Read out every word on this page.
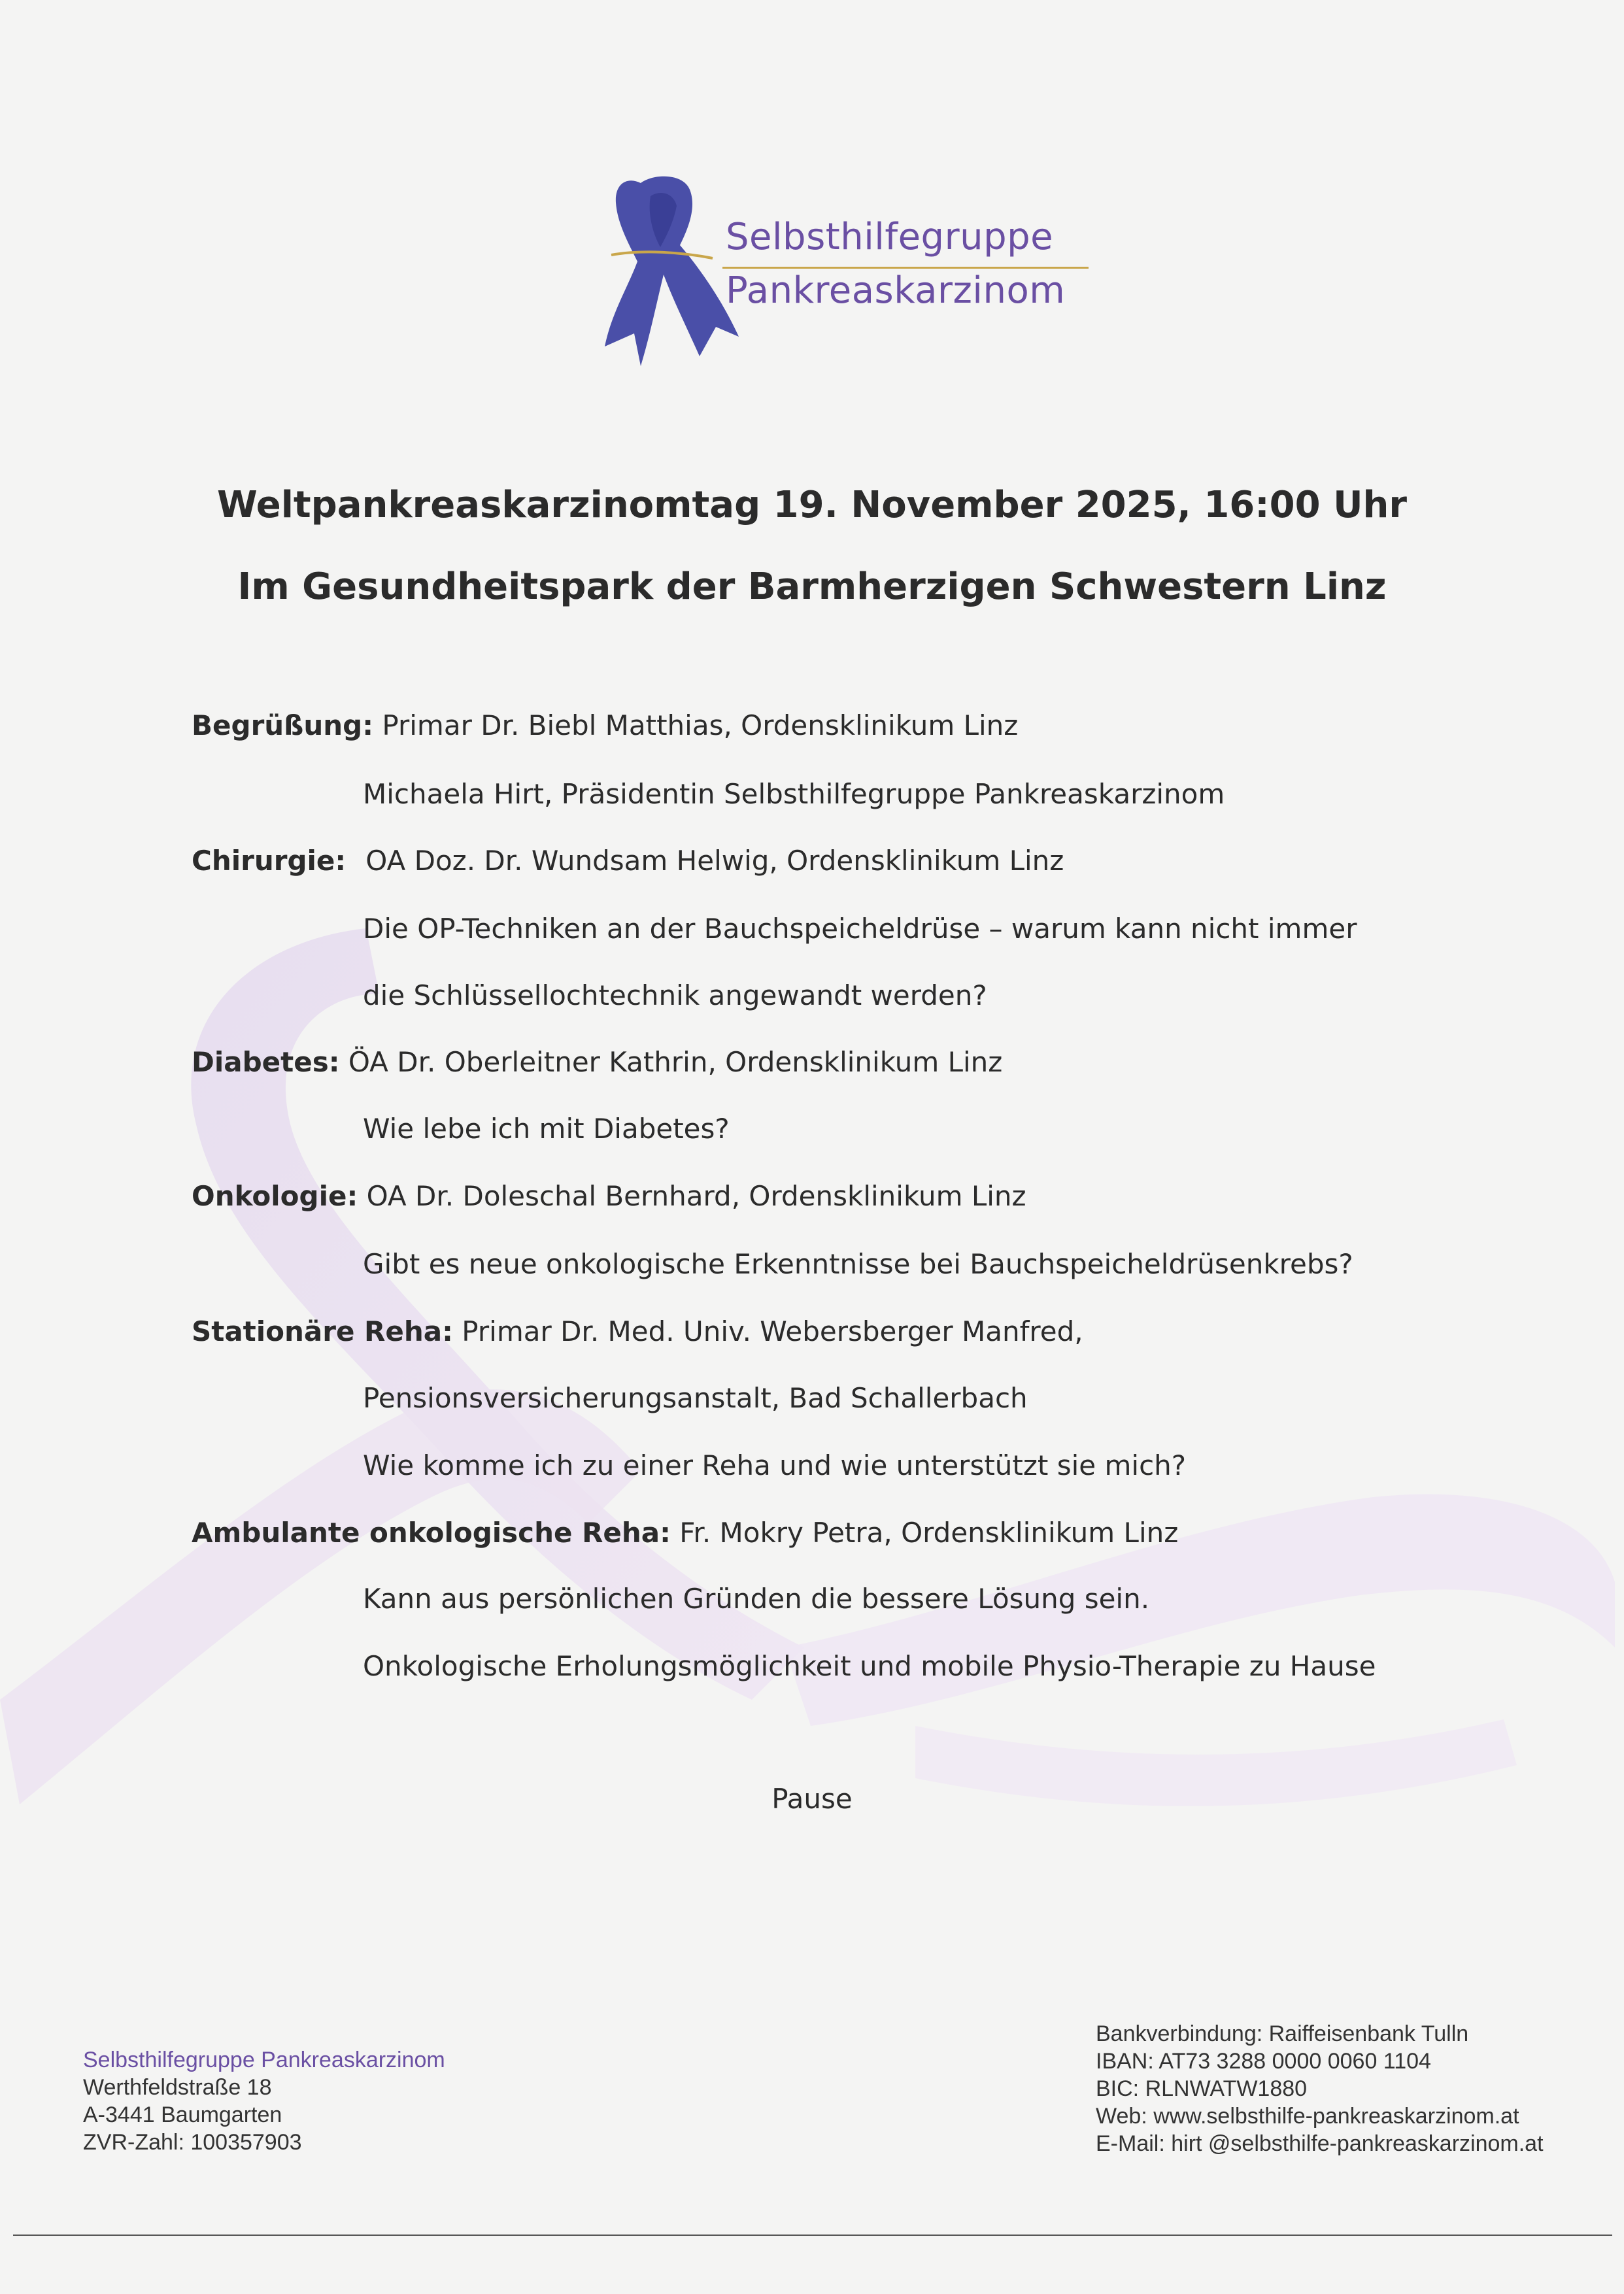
Selbsthilfegruppe
Pankreaskarzinom
Weltpankreaskarzinomtag 19. November 2025, 16:00 Uhr
Im Gesundheitspark der Barmherzigen Schwestern Linz
Begrüßung: Primar Dr. Biebl Matthias, Ordensklinikum Linz
Michaela Hirt, Präsidentin Selbsthilfegruppe Pankreaskarzinom
Chirurgie: OA Doz. Dr. Wundsam Helwig, Ordensklinikum Linz
Die OP-Techniken an der Bauchspeicheldrüse – warum kann nicht immer
die Schlüssellochtechnik angewandt werden?
Diabetes: ÖA Dr. Oberleitner Kathrin, Ordensklinikum Linz
Wie lebe ich mit Diabetes?
Onkologie: OA Dr. Doleschal Bernhard, Ordensklinikum Linz
Gibt es neue onkologische Erkenntnisse bei Bauchspeicheldrüsenkrebs?
Stationäre Reha: Primar Dr. Med. Univ. Webersberger Manfred,
Pensionsversicherungsanstalt, Bad Schallerbach
Wie komme ich zu einer Reha und wie unterstützt sie mich?
Ambulante onkologische Reha: Fr. Mokry Petra, Ordensklinikum Linz
Kann aus persönlichen Gründen die bessere Lösung sein.
Onkologische Erholungsmöglichkeit und mobile Physio-Therapie zu Hause
Pause
Selbsthilfegruppe Pankreaskarzinom
Werthfeldstraße 18
A-3441 Baumgarten
ZVR-Zahl: 100357903
Bankverbindung: Raiffeisenbank Tulln
IBAN: AT73 3288 0000 0060 1104
BIC: RLNWATW1880
Web: www.selbsthilfe-pankreaskarzinom.at
E-Mail: hirt @selbsthilfe-pankreaskarzinom.at
